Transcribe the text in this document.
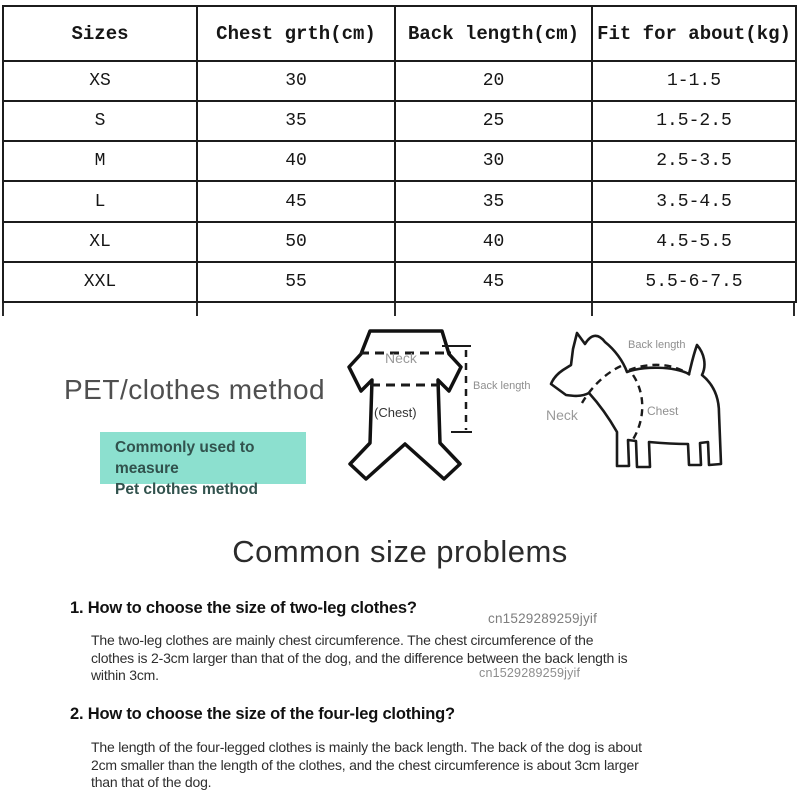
Sizes	Chest grth(cm)	Back length(cm)	Fit for about(kg)
XS	30	20	1-1.5
S	35	25	1.5-2.5
M	40	30	2.5-3.5
L	45	35	3.5-4.5
XL	50	40	4.5-5.5
XXL	55	45	5.5-6-7.5
PET/clothes method
Commonly used to measure
Pet clothes method
Neck
(Chest)
Back length
Back length
Neck	Chest
Common size problems
1. How to choose the size of two-leg clothes?
cn1529289259jyif
The two-leg clothes are mainly chest circumference. The chest circumference of the
clothes is 2-3cm larger than that of the dog, and the difference between the back length is
within 3cm.	cn1529289259jyif
2. How to choose the size of the four-leg clothing?
The length of the four-legged clothes is mainly the back length. The back of the dog is about
2cm smaller than the length of the clothes, and the chest circumference is about 3cm larger
than that of the dog.
